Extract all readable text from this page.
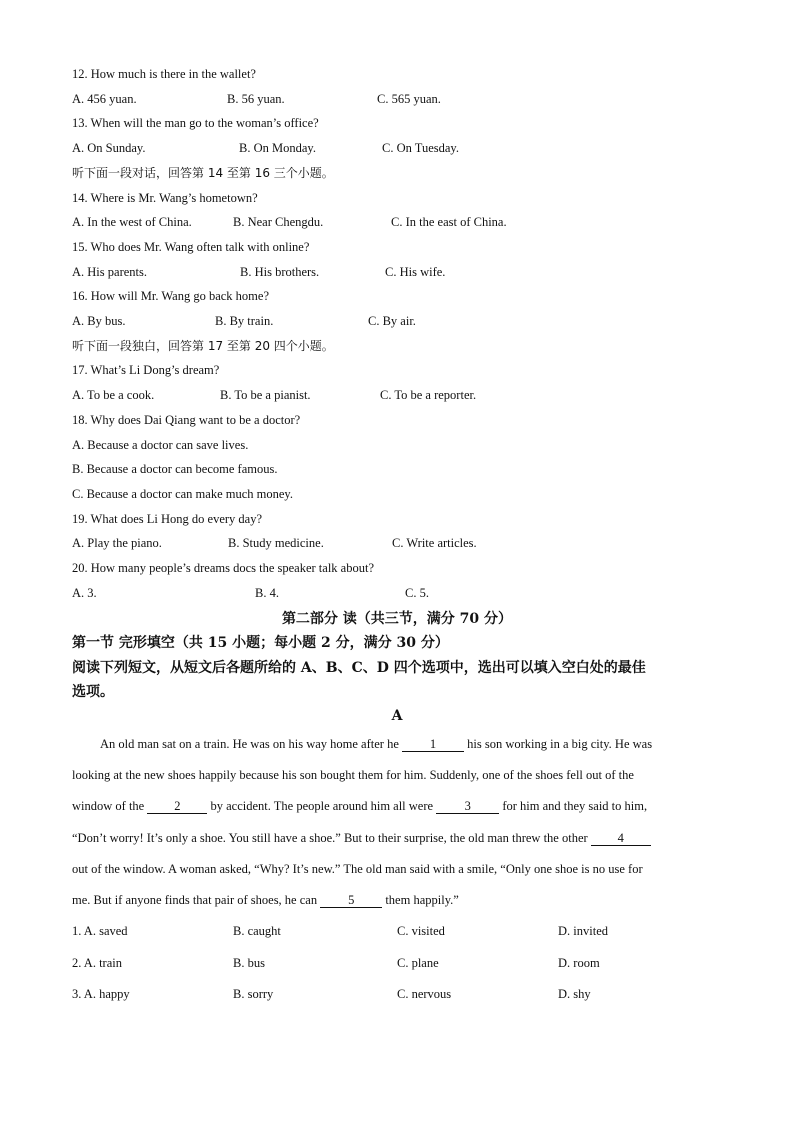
12. How much is there in the wallet?
A. 456 yuan.	B. 56 yuan.	C. 565 yuan.
13. When will the man go to the woman’s office?
A. On Sunday.	B. On Monday.	C. On Tuesday.
听下面一段对话，回答第 14 至第 16 三个小题。
14. Where is Mr. Wang’s hometown?
A. In the west of China.	B. Near Chengdu.	C. In the east of China.
15. Who does Mr. Wang often talk with online?
A. His parents.	B. His brothers.	C. His wife.
16. How will Mr. Wang go back home?
A. By bus.	B. By train.	C. By air.
听下面一段独白，回答第 17 至第 20 四个小题。
17. What’s Li Dong’s dream?
A. To be a cook.	B. To be a pianist.	C. To be a reporter.
18. Why does Dai Qiang want to be a doctor?
A. Because a doctor can save lives.
B. Because a doctor can become famous.
C. Because a doctor can make much money.
19. What does Li Hong do every day?
A. Play the piano.	B. Study medicine.	C. Write articles.
20. How many people’s dreams docs the speaker talk about?
A. 3.	B. 4.	C. 5.
第二部分 读（共三节，满分 70 分）
第一节 完形填空（共 15 小题；每小题 2 分，满分 30 分）
阅读下列短文，从短文后各题所给的 A、B、C、D 四个选项中，选出可以填入空白处的最佳
选项。
A
An old man sat on a train. He was on his way home after he 1 his son working in a big city. He was
looking at the new shoes happily because his son bought them for him. Suddenly, one of the shoes fell out of the
window of the 2 by accident. The people around him all were 3 for him and they said to him,
“Don’t worry! It’s only a shoe. You still have a shoe.” But to their surprise, the old man threw the other 4
out of the window. A woman asked, “Why? It’s new.” The old man said with a smile, “Only one shoe is no use for
me. But if anyone finds that pair of shoes, he can 5 them happily.”
1. A. saved	B. caught	C. visited	D. invited
2. A. train	B. bus	C. plane	D. room
3. A. happy	B. sorry	C. nervous	D. shy
